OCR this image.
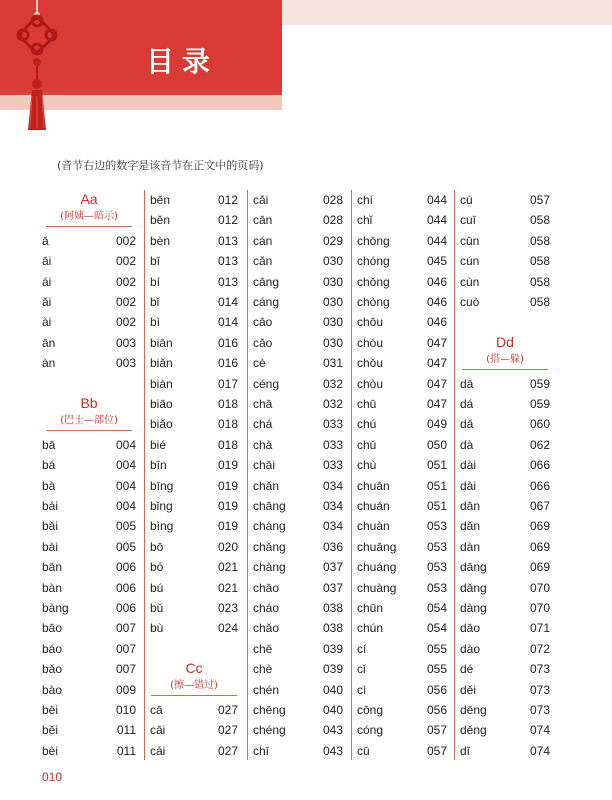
目录
(音节右边的数字是该音节在正文中的页码)
Aa
(阿姨—暗示)
ā	002
āi	002
ái	002
ǎi	002
ài	002
ān	003
àn	003
Bb
(巴士—部位)
bā	004
bá	004
bà	004
bái	004
bǎi	005
bài	005
bān	006
bàn	006
bàng	006
bāo	007
báo	007
bǎo	007
bào	009
bēi	010
běi	011
bèi	011
bēn	012
běn	012
bèn	013
bī	013
bí	013
bǐ	014
bì	014
biān	016
biǎn	016
biàn	017
biāo	018
biǎo	018
bié	018
bīn	019
bīng	019
bǐng	019
bìng	019
bō	020
bó	021
bú	021
bǔ	023
bù	024
Cc
(擦—错过)
cā	027
cāi	027
cái	027
cǎi	028
cān	028
cán	029
cǎn	030
cāng	030
cáng	030
cāo	030
cǎo	030
cè	031
céng	032
chā	032
chá	033
chà	033
chāi	033
chǎn	034
chāng	034
cháng	034
chǎng	036
chàng	037
chāo	037
cháo	038
chǎo	038
chē	039
chè	039
chén	040
chēng	040
chéng	043
chī	043
chí	044
chǐ	044
chōng	044
chóng	045
chǒng	046
chòng	046
chōu	046
chóu	047
chǒu	047
chòu	047
chū	047
chú	049
chǔ	050
chù	051
chuān	051
chuán	051
chuàn	053
chuāng	053
chuáng	053
chuàng	053
chūn	054
chún	054
cí	055
cǐ	055
cì	056
cōng	056
cóng	057
cū	057
cù	057
cuī	058
cūn	058
cún	058
cùn	058
cuò	058
Dd
(搭—躲)
dā	059
dá	059
dǎ	060
dà	062
dài	066
dài	066
dān	067
dǎn	069
dàn	069
dāng	069
dǎng	070
dàng	070
dāo	071
dào	072
dé	073
děi	073
dēng	073
děng	074
dī	074
010
